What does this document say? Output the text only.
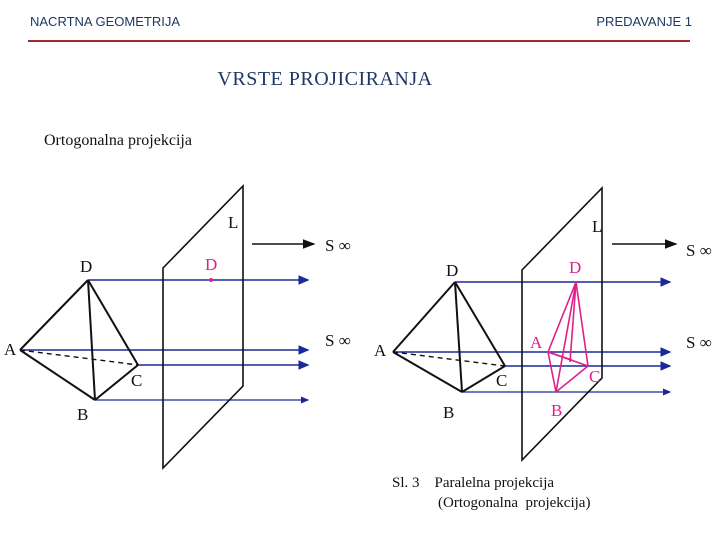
NACRTNA GEOMETRIJA	PREDAVANJE 1
VRSTE PROJICIRANJA
Ortogonalna projekcija
S ∞
S ∞
L
D
A
C
B
D
S ∞
S ∞
L
D
A
C
B
D
A
C
B
Sl. 3    Paralelna projekcija
(Ortogonalna  projekcija)
